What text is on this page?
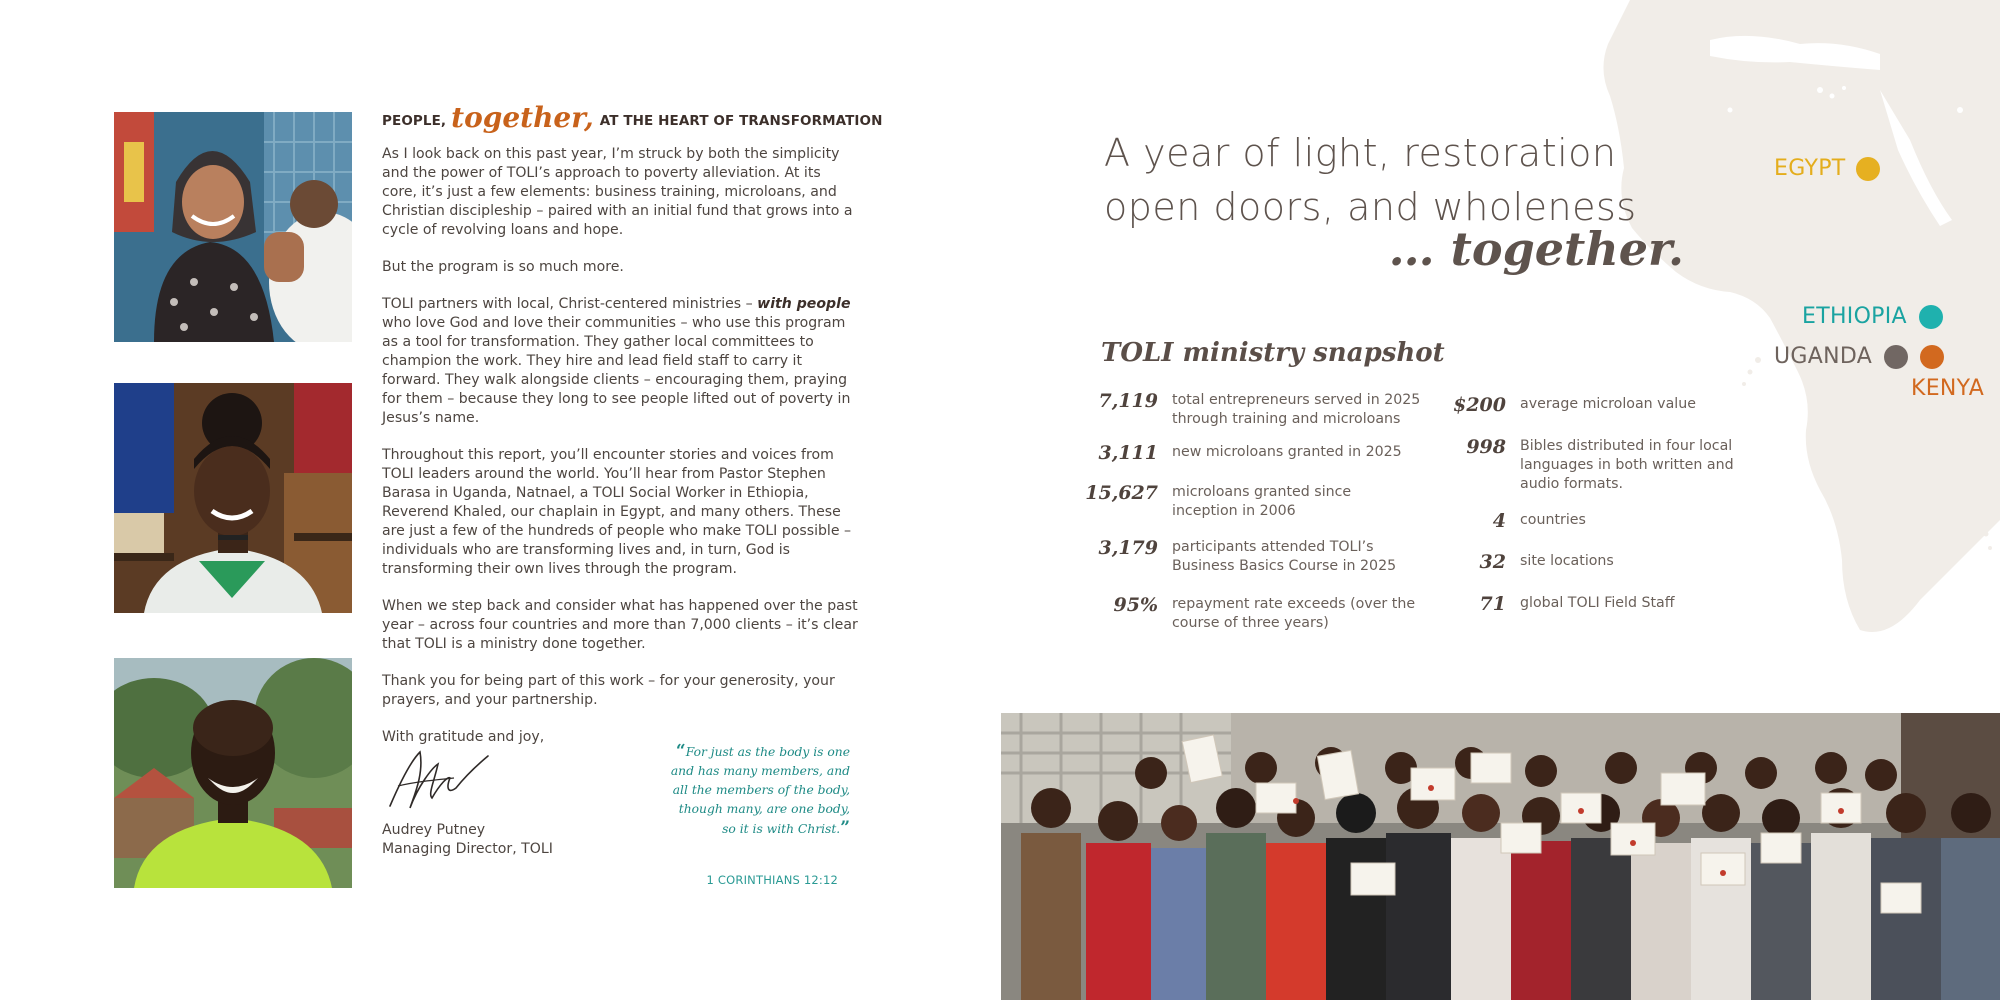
PEOPLE, together, AT THE HEART OF TRANSFORMATION

As I look back on this past year, I’m struck by both the simplicity and the power of TOLI’s approach to poverty alleviation. At its core, it’s just a few elements: business training, microloans, and Christian discipleship – paired with an initial fund that grows into a cycle of revolving loans and hope.

But the program is so much more.

TOLI partners with local, Christ-centered ministries – with people who love God and love their communities – who use this program as a tool for transformation. They gather local committees to champion the work. They hire and lead field staff to carry it forward. They walk alongside clients – encouraging them, praying for them – because they long to see people lifted out of poverty in Jesus’s name.

Throughout this report, you’ll encounter stories and voices from TOLI leaders around the world. You’ll hear from Pastor Stephen Barasa in Uganda, Natnael, a TOLI Social Worker in Ethiopia, Reverend Khaled, our chaplain in Egypt, and many others. These are just a few of the hundreds of people who make TOLI possible – individuals who are transforming lives and, in turn, God is transforming their own lives through the program.

When we step back and consider what has happened over the past year – across four countries and more than 7,000 clients – it’s clear that TOLI is a ministry done together.

Thank you for being part of this work – for your generosity, your prayers, and your partnership.

With gratitude and joy,

Audrey Putney
Managing Director, TOLI
“For just as the body is one and has many members, and all the members of the body, though many, are one body, so it is with Christ.”
1 CORINTHIANS 12:12
A year of light, restoration
open doors, and wholeness
… together.
EGYPT
ETHIOPIA
UGANDA
KENYA
TOLI ministry snapshot
7,119 total entrepreneurs served in 2025 through training and microloans
3,111 new microloans granted in 2025
15,627 microloans granted since inception in 2006
3,179 participants attended TOLI’s Business Basics Course in 2025
95% repayment rate exceeds (over the course of three years)
$200 average microloan value
998 Bibles distributed in four local languages in both written and audio formats.
4 countries
32 site locations
71 global TOLI Field Staff
